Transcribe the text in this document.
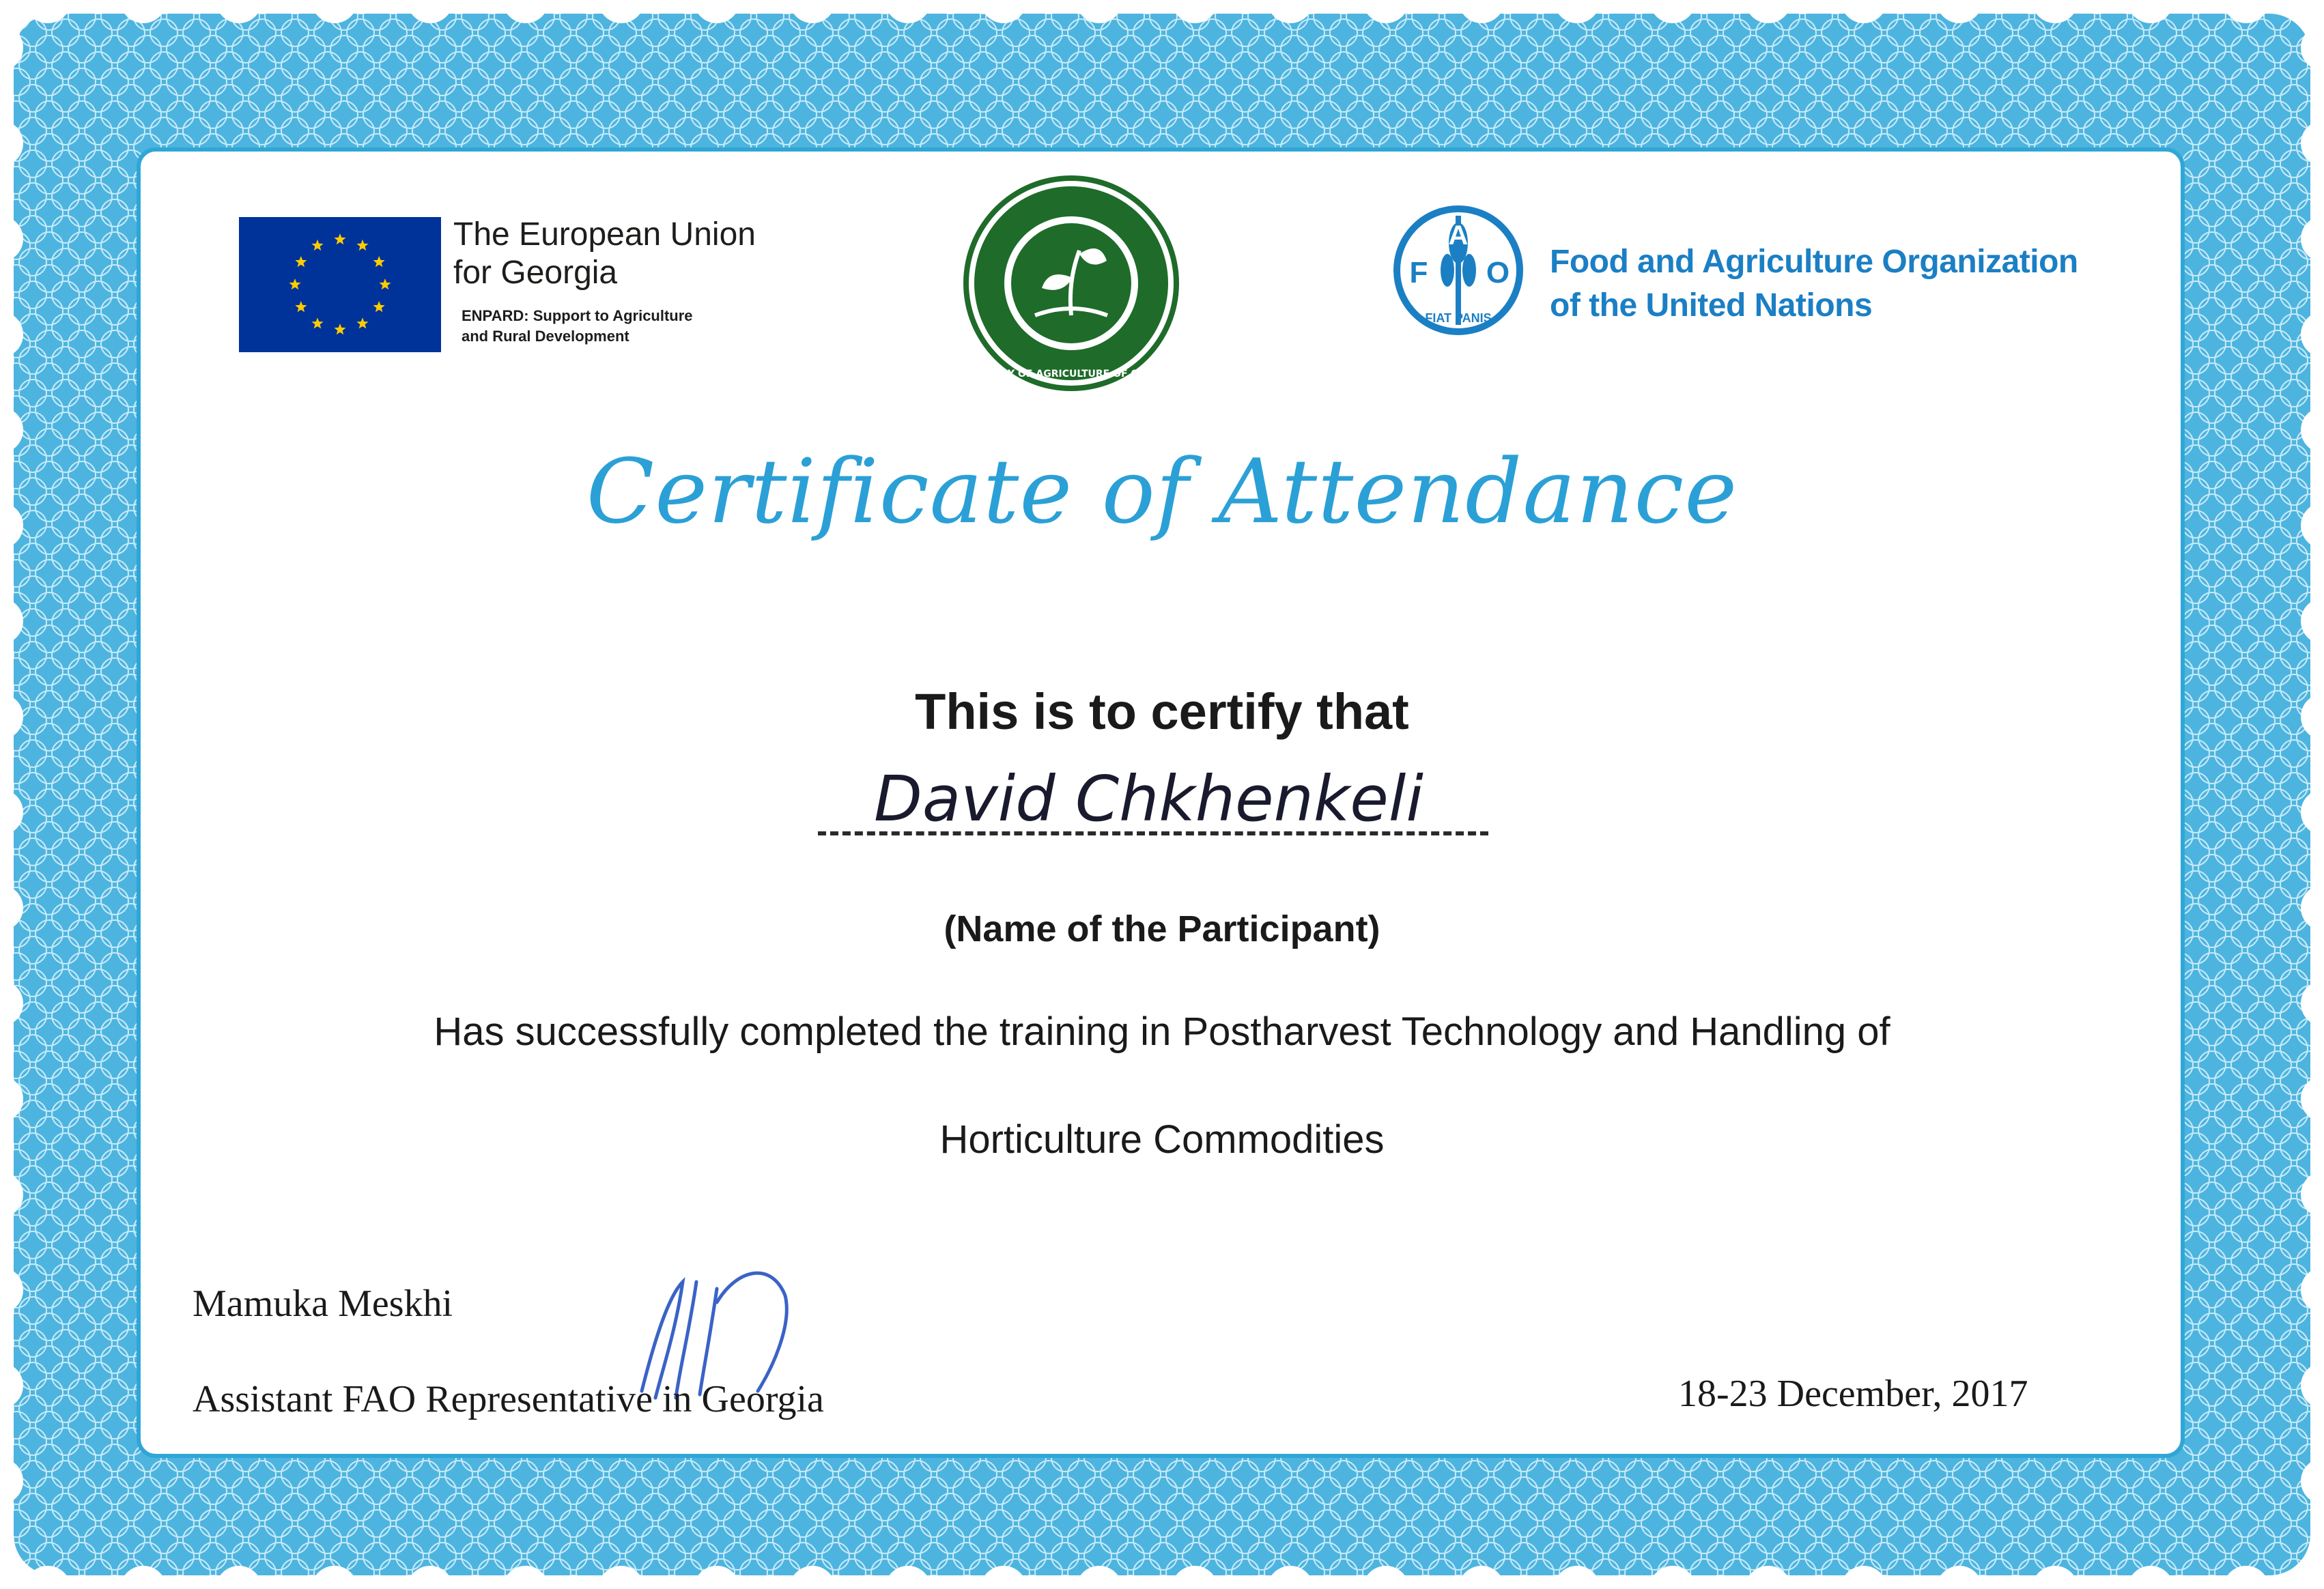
The European Union
for Georgia
ENPARD: Support to Agriculture
and Rural Development
MINISTRY OF AGRICULTURE OF GEORGIA
F
A
O
FIAT PANIS
Food and Agriculture Organization
of the United Nations
Certificate of Attendance
This is to certify that
David Chkhenkeli
(Name of the Participant)
Has successfully completed the training in Postharvest Technology and Handling of
Horticulture Commodities
Mamuka Meskhi
Assistant FAO Representative in Georgia	18-23 December, 2017
